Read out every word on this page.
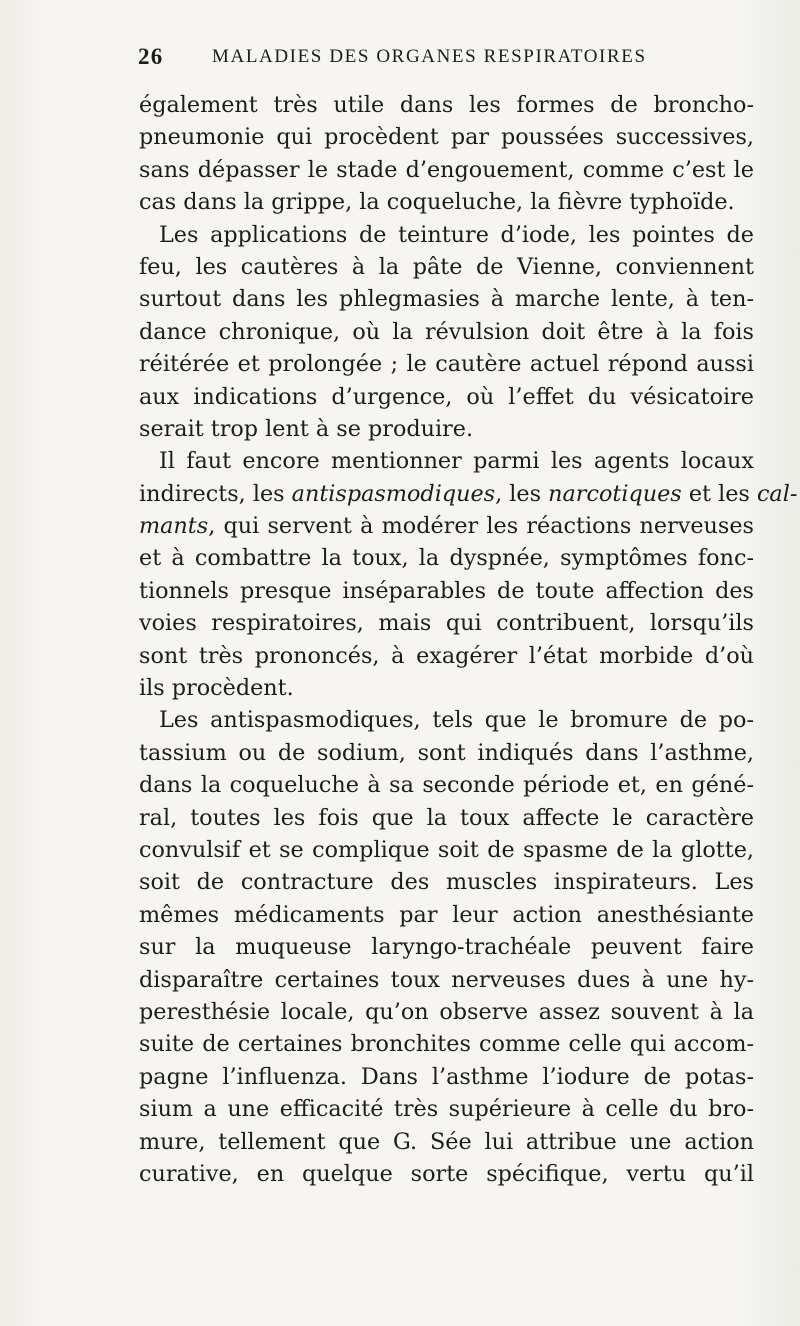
26	MALADIES DES ORGANES RESPIRATOIRES
également très utile dans les formes de broncho-
pneumonie qui procèdent par poussées successives,
sans dépasser le stade d’engouement, comme c’est le
cas dans la grippe, la coqueluche, la fièvre typhoïde.
Les applications de teinture d’iode, les pointes de
feu, les cautères à la pâte de Vienne, conviennent
surtout dans les phlegmasies à marche lente, à ten-
dance chronique, où la révulsion doit être à la fois
réitérée et prolongée ; le cautère actuel répond aussi
aux indications d’urgence, où l’effet du vésicatoire
serait trop lent à se produire.
Il faut encore mentionner parmi les agents locaux
indirects, les antispasmodiques, les narcotiques et les cal-
mants, qui servent à modérer les réactions nerveuses
et à combattre la toux, la dyspnée, symptômes fonc-
tionnels presque inséparables de toute affection des
voies respiratoires, mais qui contribuent, lorsqu’ils
sont très prononcés, à exagérer l’état morbide d’où
ils procèdent.
Les antispasmodiques, tels que le bromure de po-
tassium ou de sodium, sont indiqués dans l’asthme,
dans la coqueluche à sa seconde période et, en géné-
ral, toutes les fois que la toux affecte le caractère
convulsif et se complique soit de spasme de la glotte,
soit de contracture des muscles inspirateurs. Les
mêmes médicaments par leur action anesthésiante
sur la muqueuse laryngo-trachéale peuvent faire
disparaître certaines toux nerveuses dues à une hy-
peresthésie locale, qu’on observe assez souvent à la
suite de certaines bronchites comme celle qui accom-
pagne l’influenza. Dans l’asthme l’iodure de potas-
sium a une efficacité très supérieure à celle du bro-
mure, tellement que G. Sée lui attribue une action
curative, en quelque sorte spécifique, vertu qu’il
